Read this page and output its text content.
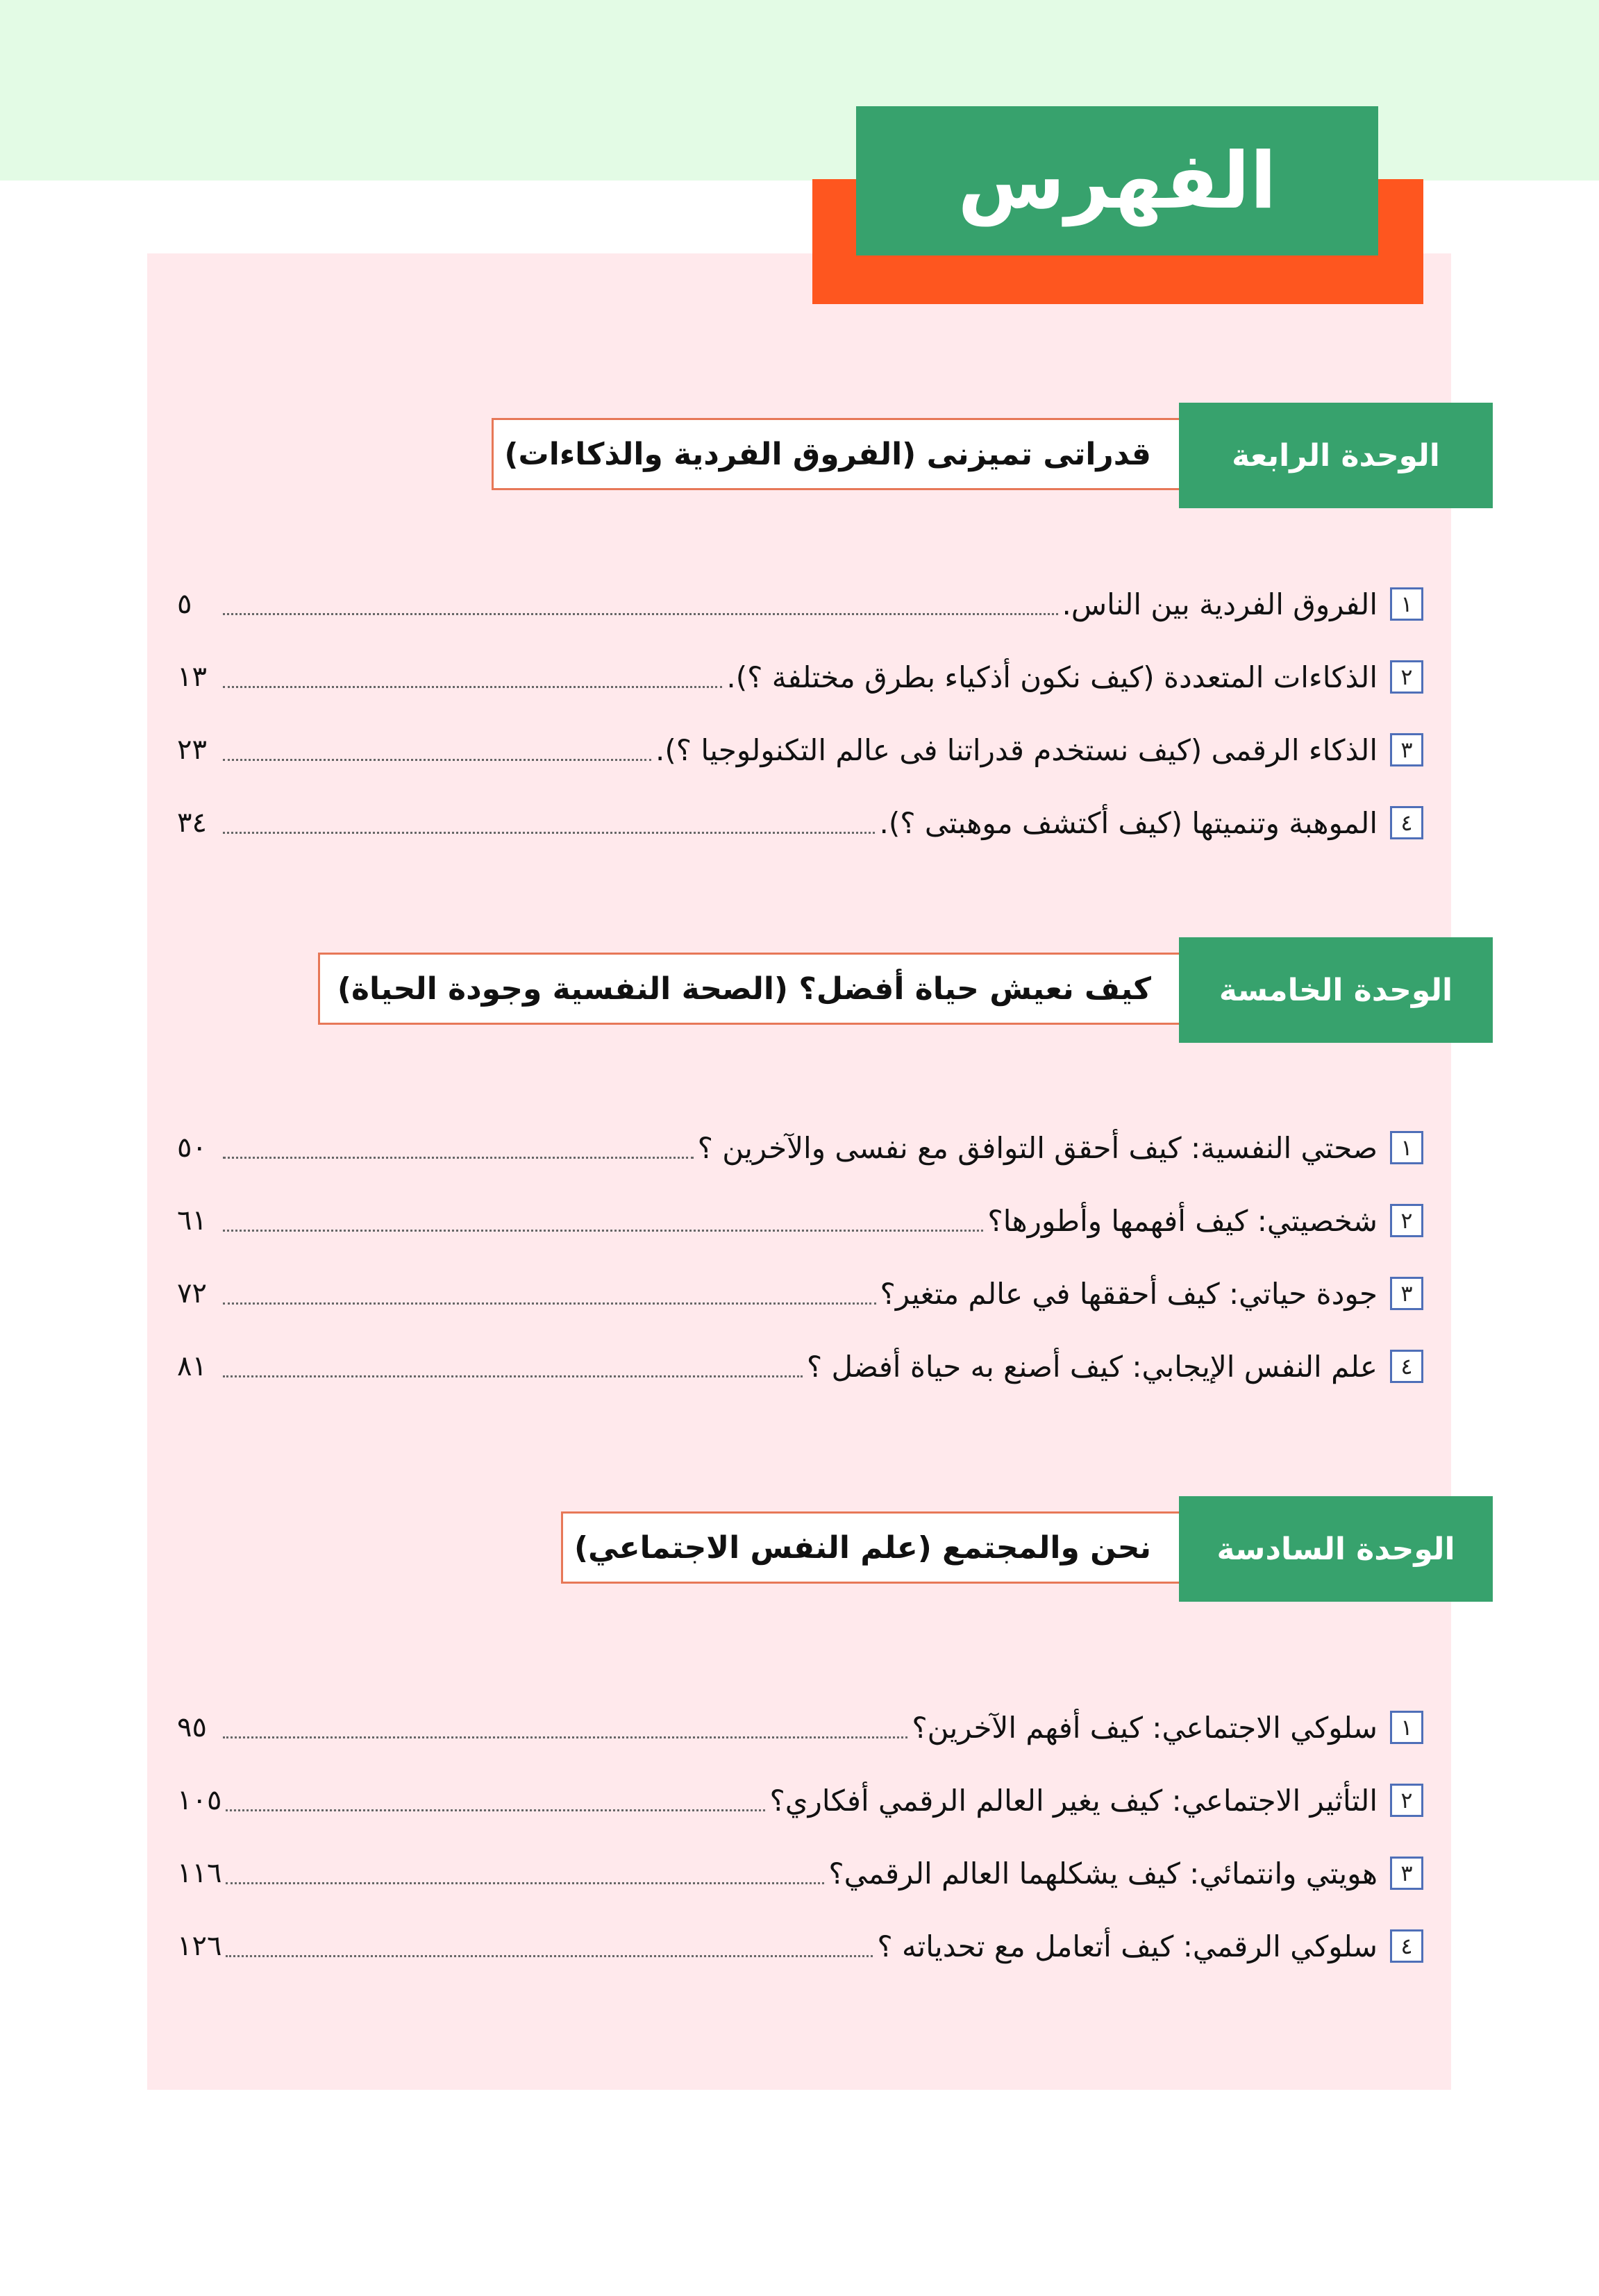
الفهرس
الوحدة الرابعة
قدراتى تميزنى (الفروق الفردية والذكاءات)
١
الفروق الفردية بين الناس.
٥
٢
الذكاءات المتعددة (كيف نكون أذكياء بطرق مختلفة ؟).
١٣
٣
الذكاء الرقمى (كيف نستخدم قدراتنا فى عالم التكنولوجيا ؟).
٢٣
٤
الموهبة وتنميتها (كيف أكتشف موهبتى ؟).
٣٤
الوحدة الخامسة
كيف نعيش حياة أفضل؟ (الصحة النفسية وجودة الحياة)
١
صحتي النفسية: كيف أحقق التوافق مع نفسى والآخرين ؟
٥٠
٢
شخصيتي: كيف أفهمها وأطورها؟
٦١
٣
جودة حياتي: كيف أحققها في عالم متغير؟
٧٢
٤
علم النفس الإيجابي: كيف أصنع به حياة أفضل ؟
٨١
الوحدة السادسة
نحن والمجتمع (علم النفس الاجتماعي)
١
سلوكي الاجتماعي: كيف أفهم الآخرين؟
٩٥
٢
التأثير الاجتماعي: كيف يغير العالم الرقمي أفكاري؟
١٠٥
٣
هويتي وانتمائي: كيف يشكلهما العالم الرقمي؟
١١٦
٤
سلوكي الرقمي: كيف أتعامل مع تحدياته ؟
١٢٦
